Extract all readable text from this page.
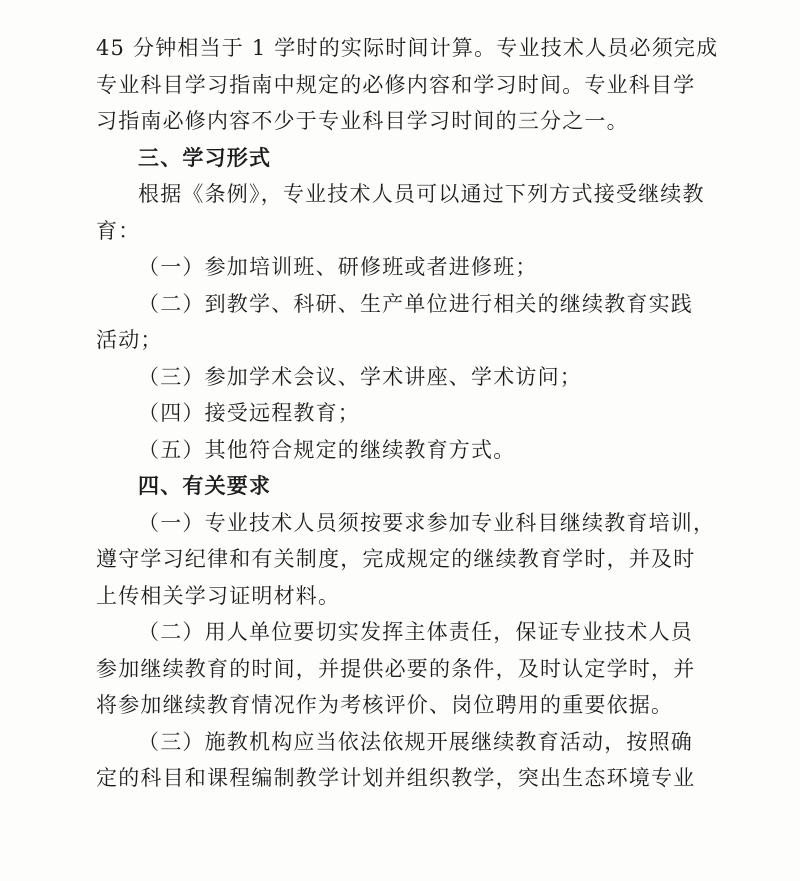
45 分钟相当于 1 学时的实际时间计算。专业技术人员必须完成
专业科目学习指南中规定的必修内容和学习时间。专业科目学
习指南必修内容不少于专业科目学习时间的三分之一。
三、学习形式
根据《条例》，专业技术人员可以通过下列方式接受继续教
育：
（一）参加培训班、研修班或者进修班；
（二）到教学、科研、生产单位进行相关的继续教育实践
活动；
（三）参加学术会议、学术讲座、学术访问；
（四）接受远程教育；
（五）其他符合规定的继续教育方式。
四、有关要求
（一）专业技术人员须按要求参加专业科目继续教育培训，
遵守学习纪律和有关制度，完成规定的继续教育学时，并及时
上传相关学习证明材料。
（二）用人单位要切实发挥主体责任，保证专业技术人员
参加继续教育的时间，并提供必要的条件，及时认定学时，并
将参加继续教育情况作为考核评价、岗位聘用的重要依据。
（三）施教机构应当依法依规开展继续教育活动，按照确
定的科目和课程编制教学计划并组织教学，突出生态环境专业
